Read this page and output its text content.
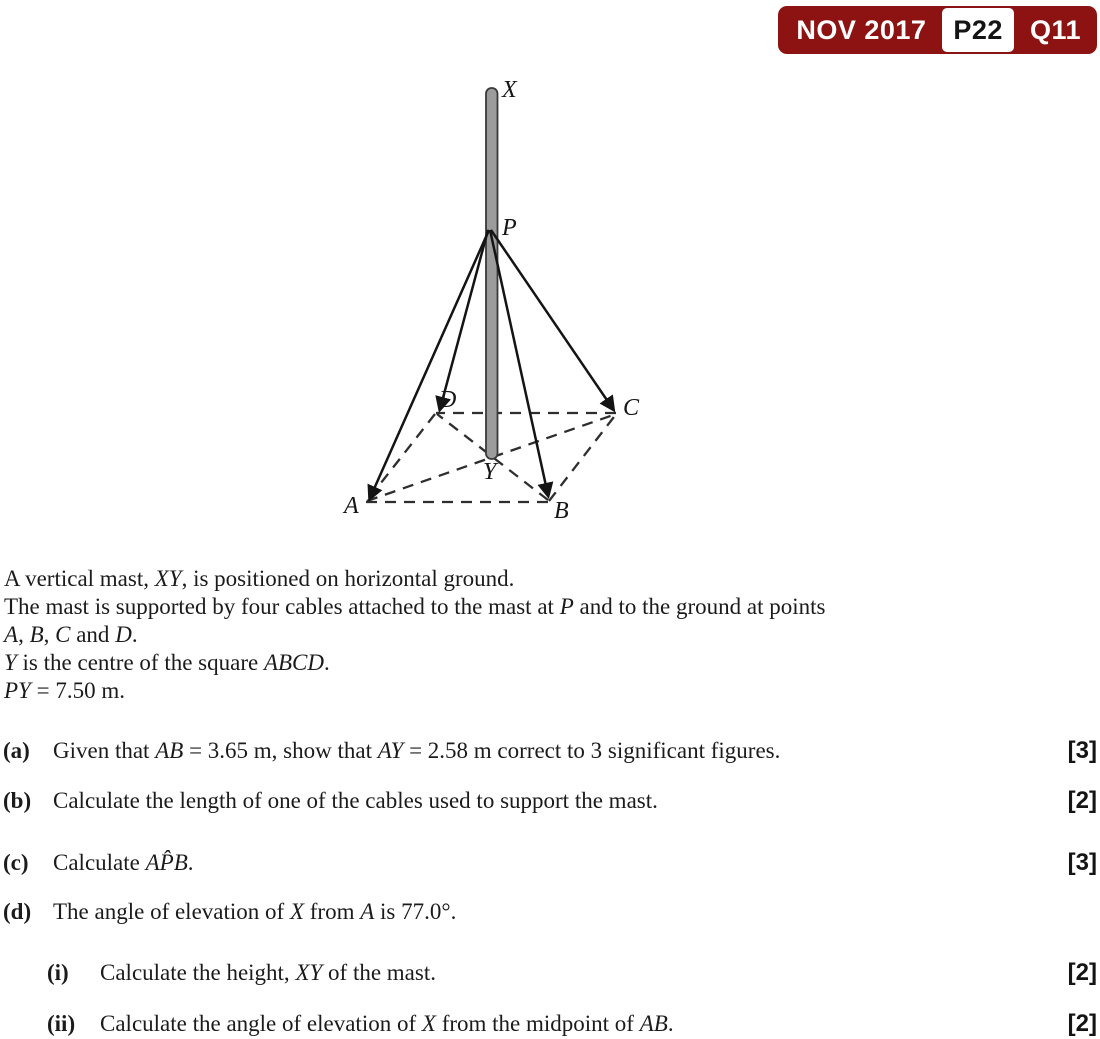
NOV 2017	P22	Q11
X
P
A	B
C
D
Y
A vertical mast, XY, is positioned on horizontal ground.
The mast is supported by four cables attached to the mast at P and to the ground at points
A, B, C and D.
Y is the centre of the square ABCD.
PY = 7.50 m.
(a)	Given that AB = 3.65 m, show that AY = 2.58 m correct to 3 significant figures.	[3]
(b) Calculate the length of one of the cables used to support the mast.	[2]
(c)	Calculate AP̂B.	[3]
(d) The angle of elevation of X from A is 77.0°.
(i)	Calculate the height, XY of the mast.	[2]
(ii)	Calculate the angle of elevation of X from the midpoint of AB.	[2]
